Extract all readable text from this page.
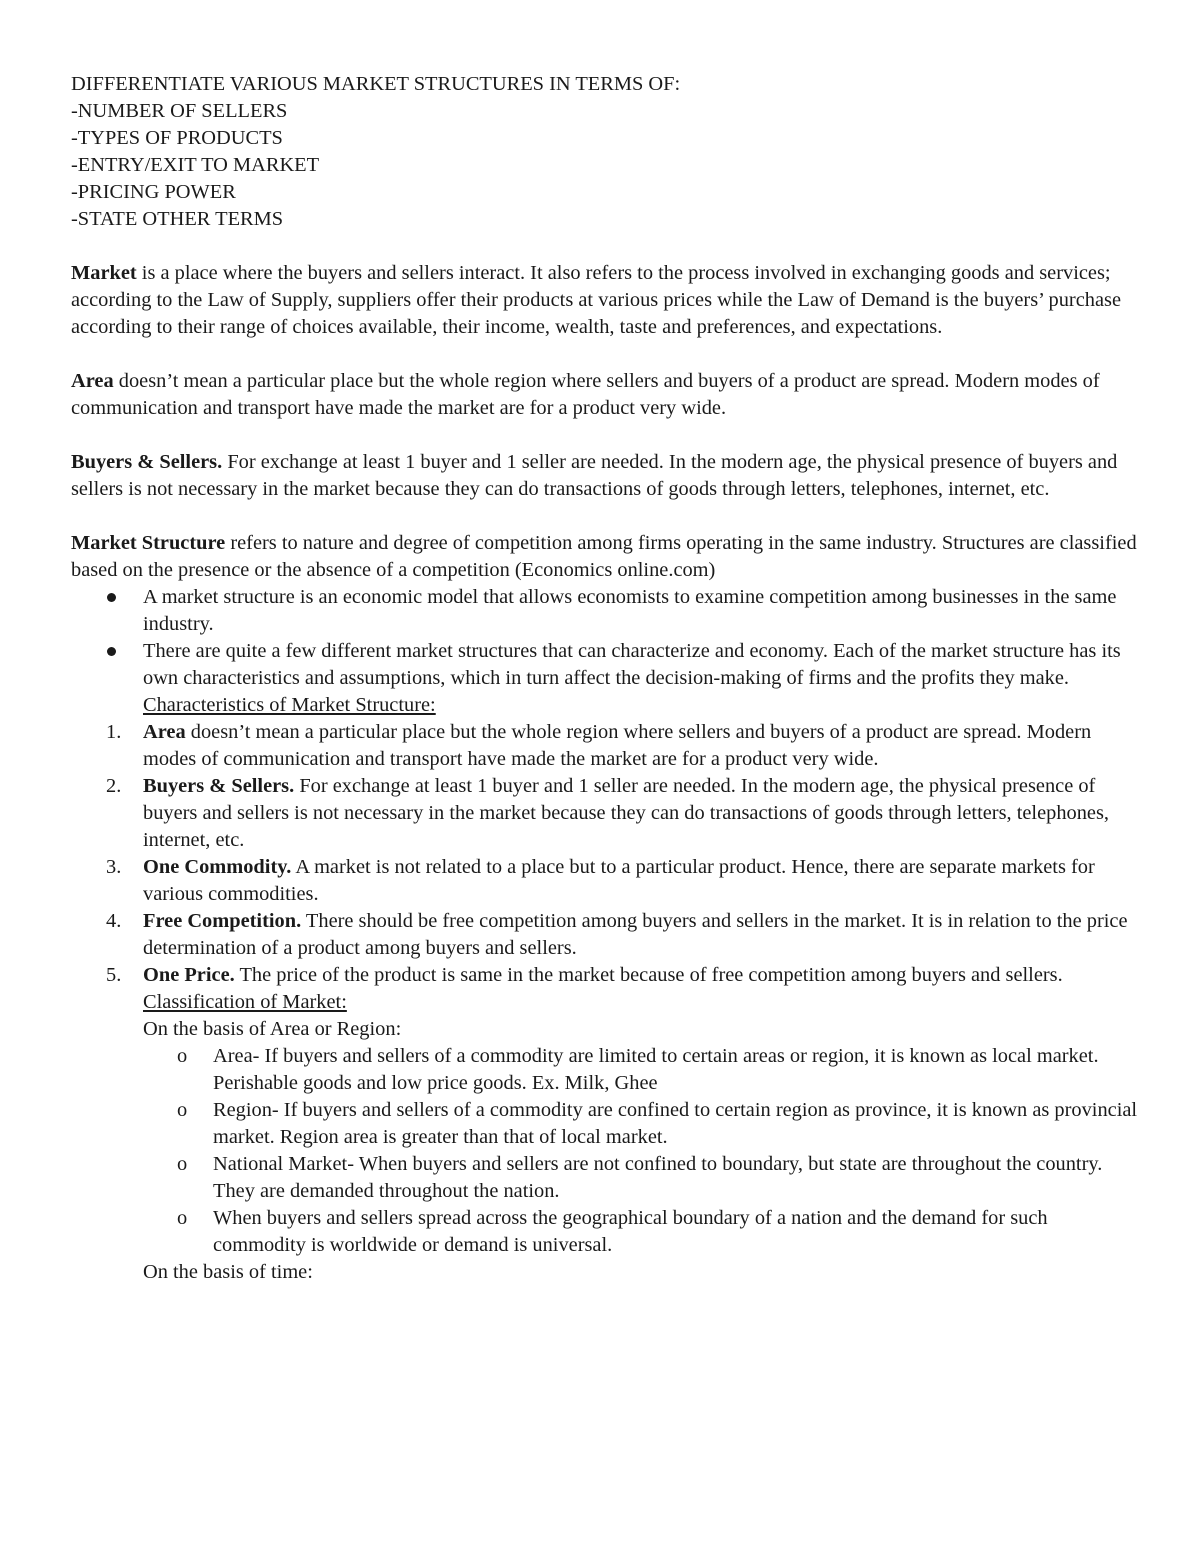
DIFFERENTIATE VARIOUS MARKET STRUCTURES IN TERMS OF:

-NUMBER OF SELLERS

-TYPES OF PRODUCTS

-ENTRY/EXIT TO MARKET

-PRICING POWER

-STATE OTHER TERMS

Market is a place where the buyers and sellers interact. It also refers to the process involved in exchanging goods and services; according to the Law of Supply, suppliers offer their products at various prices while the Law of Demand is the buyers’ purchase according to their range of choices available, their income, wealth, taste and preferences, and expectations.

Area doesn’t mean a particular place but the whole region where sellers and buyers of a product are spread. Modern modes of communication and transport have made the market are for a product very wide.

Buyers & Sellers. For exchange at least 1 buyer and 1 seller are needed. In the modern age, the physical presence of buyers and sellers is not necessary in the market because they can do transactions of goods through letters, telephones, internet, etc.

Market Structure refers to nature and degree of competition among firms operating in the same industry. Structures are classified based on the presence or the absence of a competition (Economics online.com)

A market structure is an economic model that allows economists to examine competition among businesses in the same industry.
There are quite a few different market structures that can characterize and economy. Each of the market structure has its own characteristics and assumptions, which in turn affect the decision-making of firms and the profits they make.

Characteristics of Market Structure:

1. Area doesn’t mean a particular place but the whole region where sellers and buyers of a product are spread. Modern modes of communication and transport have made the market are for a product very wide.
2. Buyers & Sellers. For exchange at least 1 buyer and 1 seller are needed. In the modern age, the physical presence of buyers and sellers is not necessary in the market because they can do transactions of goods through letters, telephones, internet, etc.
3. One Commodity. A market is not related to a place but to a particular product. Hence, there are separate markets for various commodities.
4. Free Competition. There should be free competition among buyers and sellers in the market. It is in relation to the price determination of a product among buyers and sellers.
5. One Price. The price of the product is same in the market because of free competition among buyers and sellers.

Classification of Market:

On the basis of Area or Region:

o Area- If buyers and sellers of a commodity are limited to certain areas or region, it is known as local market. Perishable goods and low price goods. Ex. Milk, Ghee
o Region- If buyers and sellers of a commodity are confined to certain region as province, it is known as provincial market. Region area is greater than that of local market.
o National Market- When buyers and sellers are not confined to boundary, but state are throughout the country. They are demanded throughout the nation.
o When buyers and sellers spread across the geographical boundary of a nation and the demand for such commodity is worldwide or demand is universal.

On the basis of time:
